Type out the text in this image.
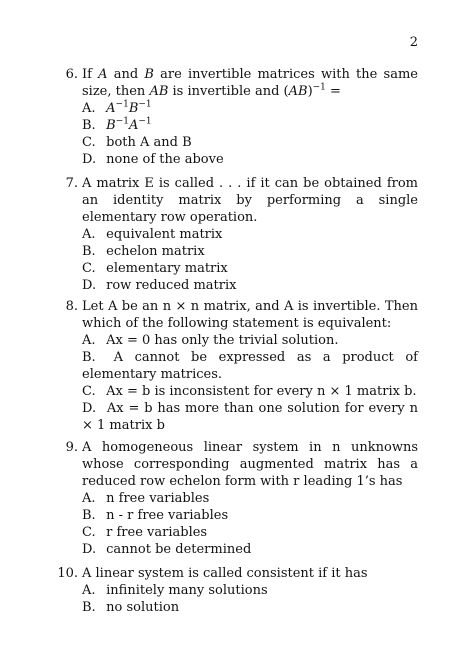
2
6. If A and B are invertible matrices with the same size, then AB is invertible and (AB)$^{-1}$ =
A. $A^{-1}B^{-1}$
B. $B^{-1}A^{-1}$
C. both A and B
D. none of the above
7. A matrix E is called . . . if it can be obtained from an identity matrix by performing a single elementary row operation.
A. equivalent matrix
B. echelon matrix
C. elementary matrix
D. row reduced matrix
8. Let A be an n × n matrix, and A is invertible. Then which of the following statement is equivalent:
A. Ax = 0 has only the trivial solution.
B. A cannot be expressed as a product of elementary matrices.
C. Ax = b is inconsistent for every n × 1 matrix b.
D. Ax = b has more than one solution for every n × 1 matrix b
9. A homogeneous linear system in n unknowns whose corresponding augmented matrix has a reduced row echelon form with r leading 1’s has
A. n free variables
B. n - r free variables
C. r free variables
D. cannot be determined
10. A linear system is called consistent if it has
A. infinitely many solutions
B. no solution
